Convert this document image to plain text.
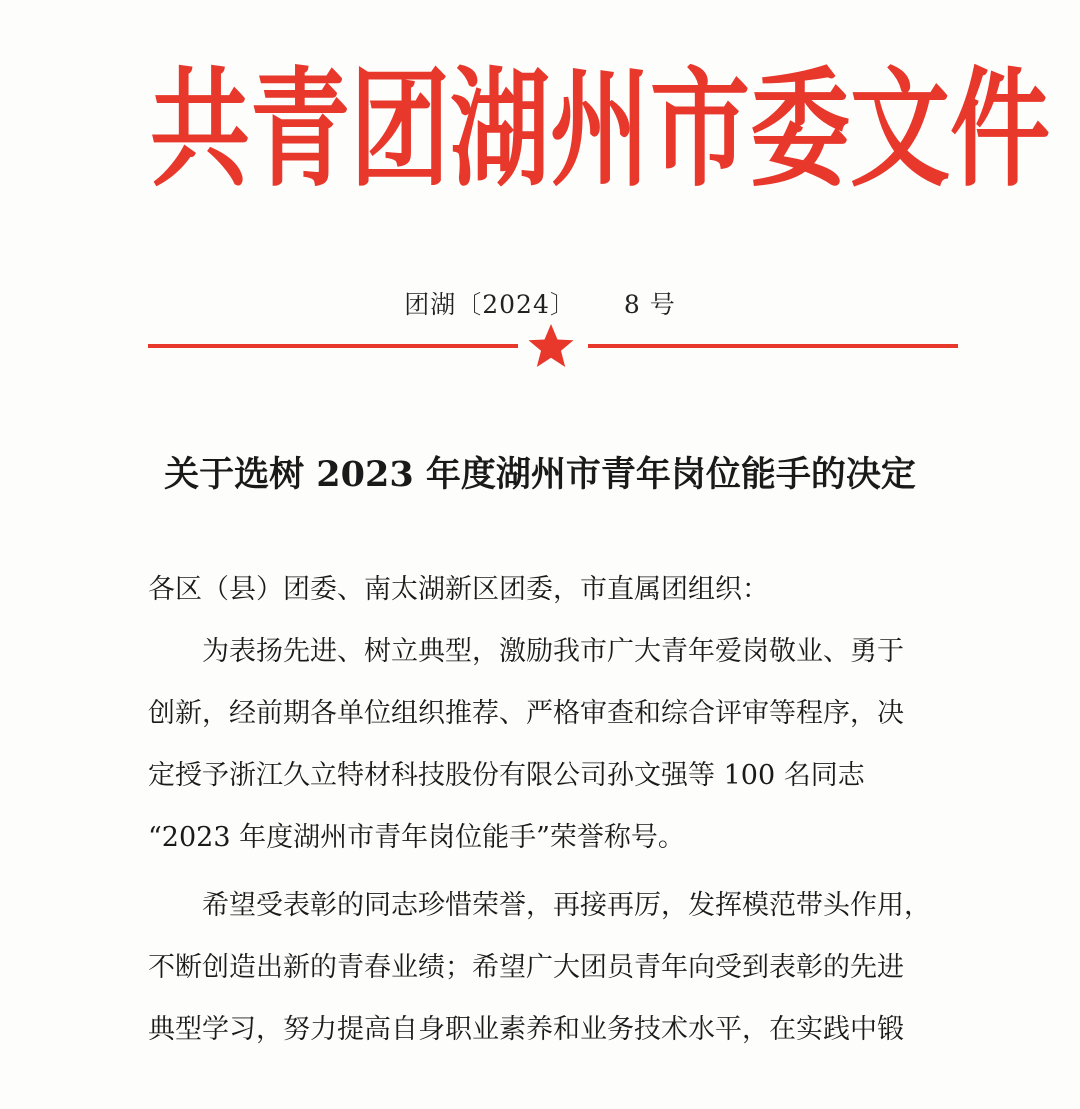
共 青 团 湖 州 市 委 文 件
团湖〔2024〕 8 号
关于选树 2023 年度湖州市青年岗位能手的决定
各区（县）团委、南太湖新区团委，市直属团组织：
为表扬先进、树立典型，激励我市广大青年爱岗敬业、勇于
创新，经前期各单位组织推荐、严格审查和综合评审等程序，决
定授予浙江久立特材科技股份有限公司孙文强等 100 名同志
“2023 年度湖州市青年岗位能手”荣誉称号。
希望受表彰的同志珍惜荣誉，再接再厉，发挥模范带头作用，
不断创造出新的青春业绩；希望广大团员青年向受到表彰的先进
典型学习，努力提高自身职业素养和业务技术水平，在实践中锻
